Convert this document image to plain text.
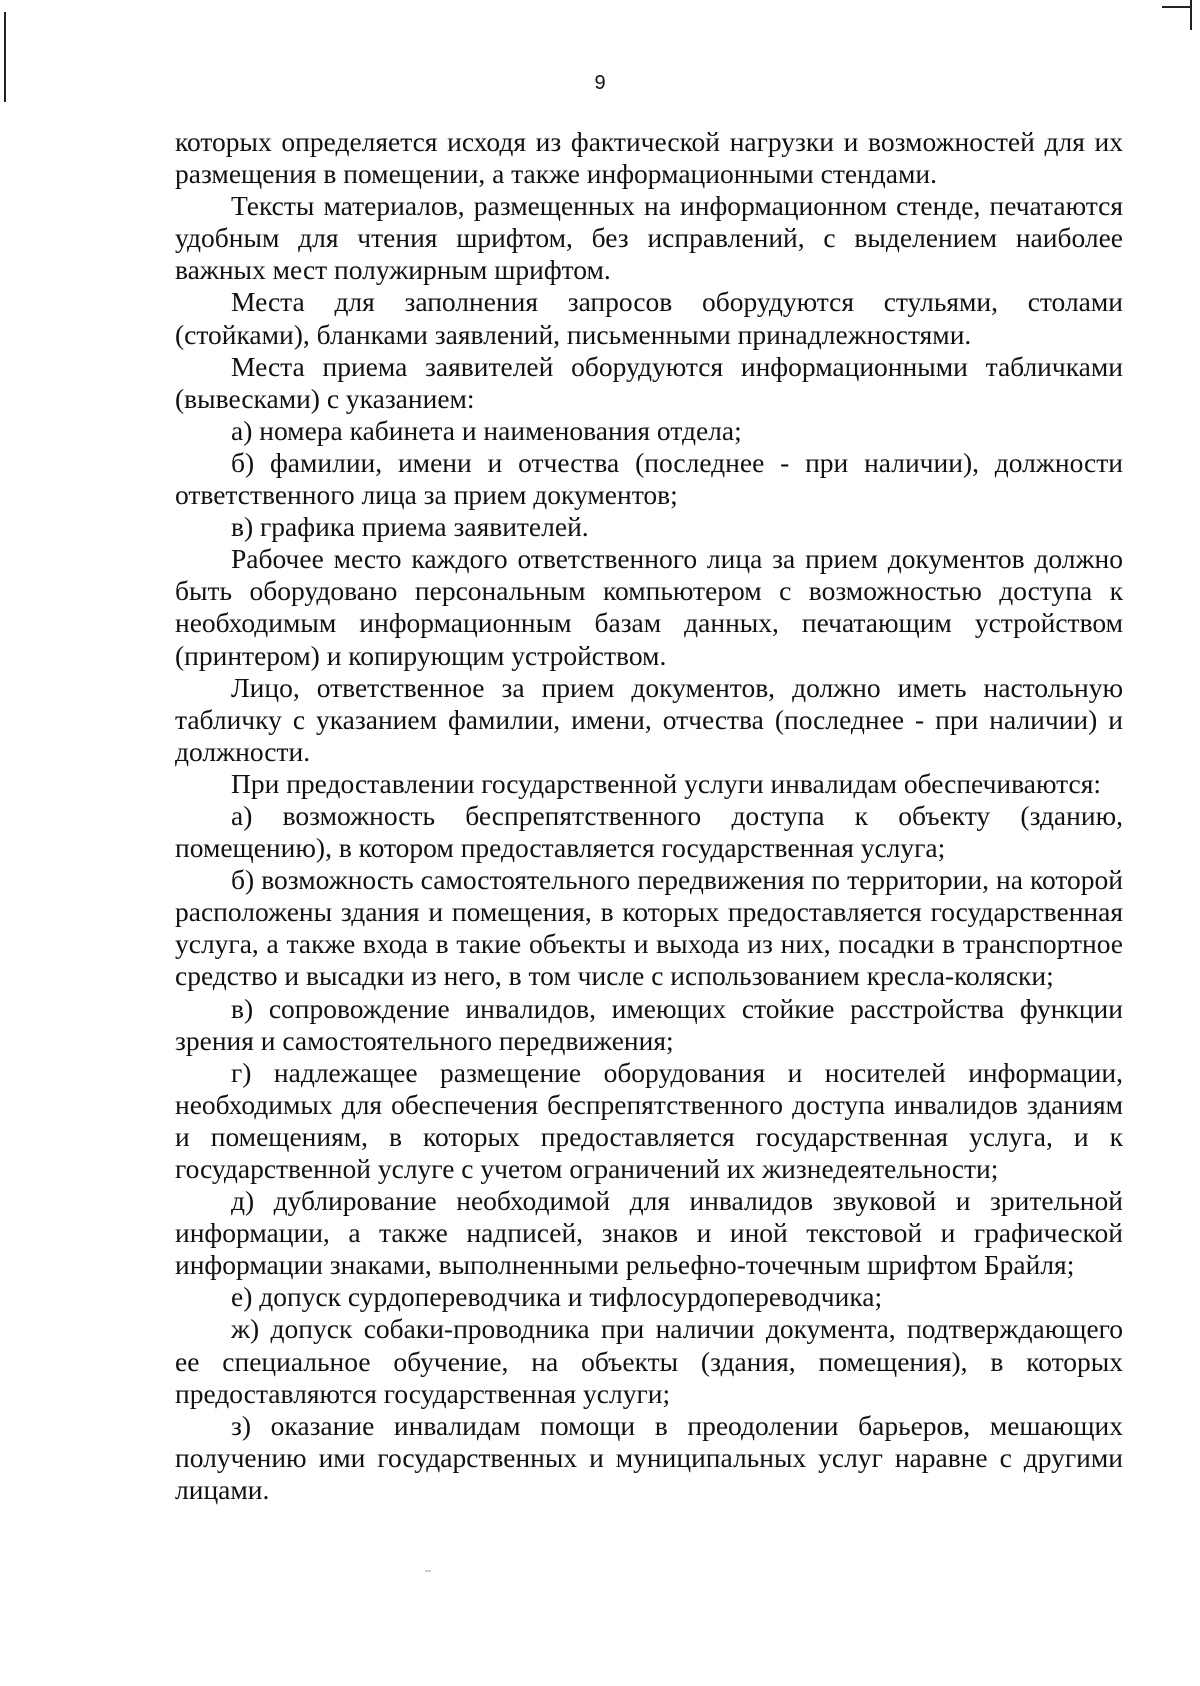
9

которых определяется исходя из фактической нагрузки и возможностей для их размещения в помещении, а также информационными стендами.

Тексты материалов, размещенных на информационном стенде, печатаются удобным для чтения шрифтом, без исправлений, с выделением наиболее важных мест полужирным шрифтом.

Места для заполнения запросов оборудуются стульями, столами (стойками), бланками заявлений, письменными принадлежностями.

Места приема заявителей оборудуются информационными табличками (вывесками) с указанием:

а) номера кабинета и наименования отдела;

б) фамилии, имени и отчества (последнее - при наличии), должности ответственного лица за прием документов;

в) графика приема заявителей.

Рабочее место каждого ответственного лица за прием документов должно быть оборудовано персональным компьютером с возможностью доступа к необходимым информационным базам данных, печатающим устройством (принтером) и копирующим устройством.

Лицо, ответственное за прием документов, должно иметь настольную табличку с указанием фамилии, имени, отчества (последнее - при наличии) и должности.

При предоставлении государственной услуги инвалидам обеспечиваются:

а) возможность беспрепятственного доступа к объекту (зданию, помещению), в котором предоставляется государственная услуга;

б) возможность самостоятельного передвижения по территории, на которой расположены здания и помещения, в которых предоставляется государственная услуга, а также входа в такие объекты и выхода из них, посадки в транспортное средство и высадки из него, в том числе с использованием кресла-коляски;

в) сопровождение инвалидов, имеющих стойкие расстройства функции зрения и самостоятельного передвижения;

г) надлежащее размещение оборудования и носителей информации, необходимых для обеспечения беспрепятственного доступа инвалидов зданиям и помещениям, в которых предоставляется государственная услуга, и к государственной услуге с учетом ограничений их жизнедеятельности;

д) дублирование необходимой для инвалидов звуковой и зрительной информации, а также надписей, знаков и иной текстовой и графической информации знаками, выполненными рельефно-точечным шрифтом Брайля;

е) допуск сурдопереводчика и тифлосурдопереводчика;

ж) допуск собаки-проводника при наличии документа, подтверждающего ее специальное обучение, на объекты (здания, помещения), в которых предоставляются государственная услуги;

з) оказание инвалидам помощи в преодолении барьеров, мешающих получению ими государственных и муниципальных услуг наравне с другими лицами.
